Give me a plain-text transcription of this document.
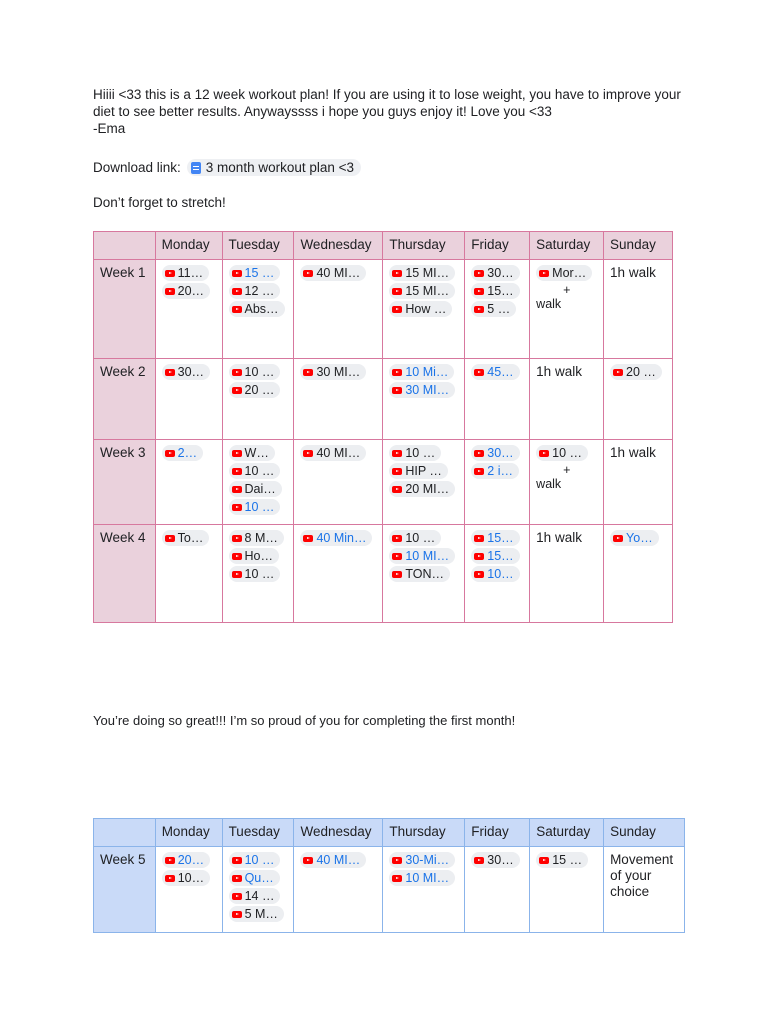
Hiiii <33 this is a 12 week workout plan! If you are using it to lose weight, you have to improve your diet to see better results. Anywayssss i hope you guys enjoy it! Love you <33
-Ema
Download link: 3 month workout plan <3
Don’t forget to stretch!
	Monday	Tuesday	Wednesday	Thursday	Friday	Saturday	Sunday
Week 1	11…
20…	15 …
12 …
Abs…	40 MI…	15 MI…
15 MI…
How …	30…
15…
5 …	Mor…
+
walk	1h walk

Week 2	30…	10 …
20 …	30 MI…	10 Mi…
30 MI…	45…	1h walk	20 …

Week 3	2…	W…
10 …
Dai…
10 …	40 MI…	10 …
HIP …
20 MI…	30…
2 i…	10 …
+
walk	1h walk

Week 4	To…	8 M…
Ho…
10 …	40 Min…	10 …
10 MI…
TON…	15…
15…
10…	1h walk	Yo…
You’re doing so great!!! I’m so proud of you for completing the first month!
	Monday	Tuesday	Wednesday	Thursday	Friday	Saturday	Sunday
Week 5	20…
10…	10 …
Qu…
14 …
5 M…	40 MI…	30-Mi…
10 MI…	30…	15 …	Movement of your choice
